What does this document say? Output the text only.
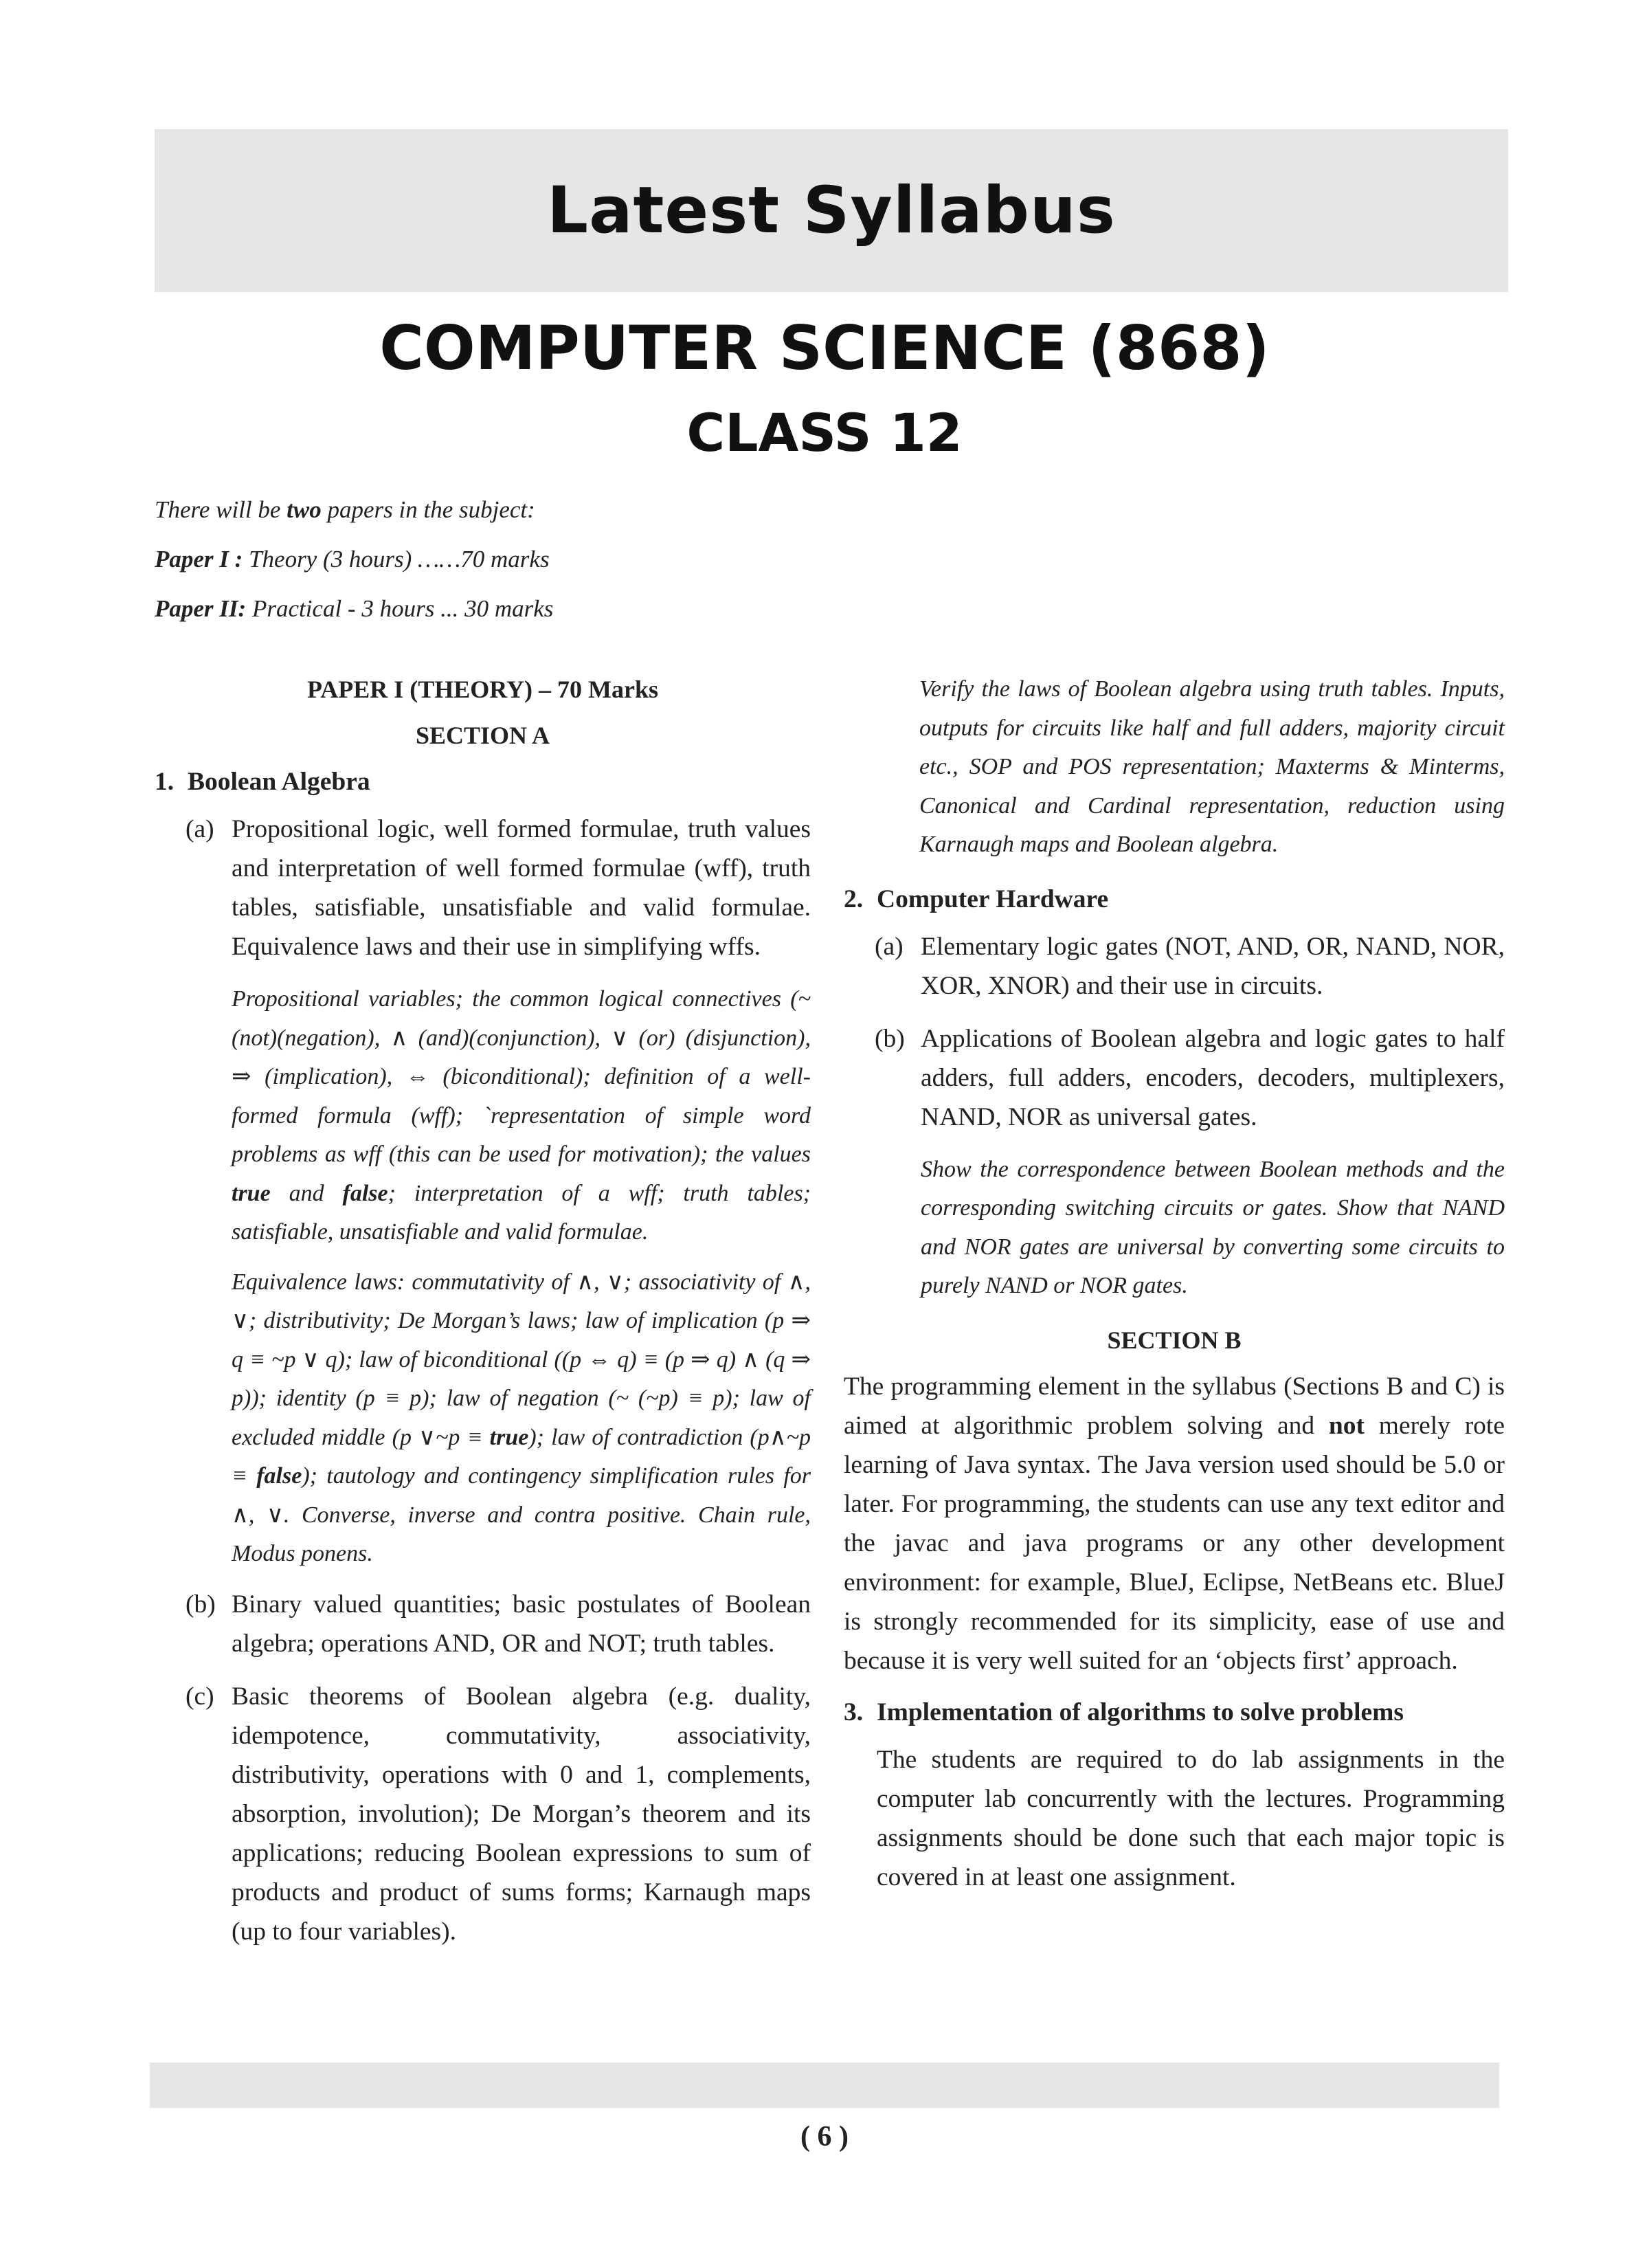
Latest Syllabus
COMPUTER SCIENCE (868)
CLASS 12

There will be two papers in the subject:

Paper I : Theory (3 hours) ……70 marks

Paper II: Practical - 3 hours ... 30 marks

PAPER I (THEORY) – 70 Marks
SECTION A
1. Boolean Algebra
(a) Propositional logic, well formed formulae, truth values and interpretation of well formed formulae (wff), truth tables, satisfiable, unsatisfiable and valid formulae. Equivalence laws and their use in simplifying wffs.

Propositional variables; the common logical connectives (~ (not)(negation), ∧ (and)(conjunction), ∨ (or) (disjunction), ⇒ (implication), ⇔ (biconditional); definition of a well-formed formula (wff); `representation of simple word problems as wff (this can be used for motivation); the values true and false; interpretation of a wff; truth tables; satisfiable, unsatisfiable and valid formulae.

Equivalence laws: commutativity of ∧, ∨; associativity of ∧, ∨; distributivity; De Morgan’s laws; law of implication (p ⇒ q ≡ ~p ∨ q); law of biconditional ((p ⇔ q) ≡ (p ⇒ q) ∧ (q ⇒ p)); identity (p ≡ p); law of negation (~ (~p) ≡ p); law of excluded middle (p ∨~p ≡ true); law of contradiction (p∧~p ≡ false); tautology and contingency simplification rules for ∧, ∨. Converse, inverse and contra positive. Chain rule, Modus ponens.

(b) Binary valued quantities; basic postulates of Boolean algebra; operations AND, OR and NOT; truth tables.
(c) Basic theorems of Boolean algebra (e.g. duality, idempotence, commutativity, associativity, distributivity, operations with 0 and 1, complements, absorption, involution); De Morgan’s theorem and its applications; reducing Boolean expressions to sum of products and product of sums forms; Karnaugh maps (up to four variables).

Verify the laws of Boolean algebra using truth tables. Inputs, outputs for circuits like half and full adders, majority circuit etc., SOP and POS representation; Maxterms & Minterms, Canonical and Cardinal representation, reduction using Karnaugh maps and Boolean algebra.

2. Computer Hardware
(a) Elementary logic gates (NOT, AND, OR, NAND, NOR, XOR, XNOR) and their use in circuits.
(b) Applications of Boolean algebra and logic gates to half adders, full adders, encoders, decoders, multiplexers, NAND, NOR as universal gates.

Show the correspondence between Boolean methods and the corresponding switching circuits or gates. Show that NAND and NOR gates are universal by converting some circuits to purely NAND or NOR gates.

SECTION B

The programming element in the syllabus (Sections B and C) is aimed at algorithmic problem solving and not merely rote learning of Java syntax. The Java version used should be 5.0 or later. For programming, the students can use any text editor and the javac and java programs or any other development environment: for example, BlueJ, Eclipse, NetBeans etc. BlueJ is strongly recommended for its simplicity, ease of use and because it is very well suited for an ‘objects first’ approach.

3. Implementation of algorithms to solve problems

The students are required to do lab assignments in the computer lab concurrently with the lectures. Programming assignments should be done such that each major topic is covered in at least one assignment.

( 6 )
